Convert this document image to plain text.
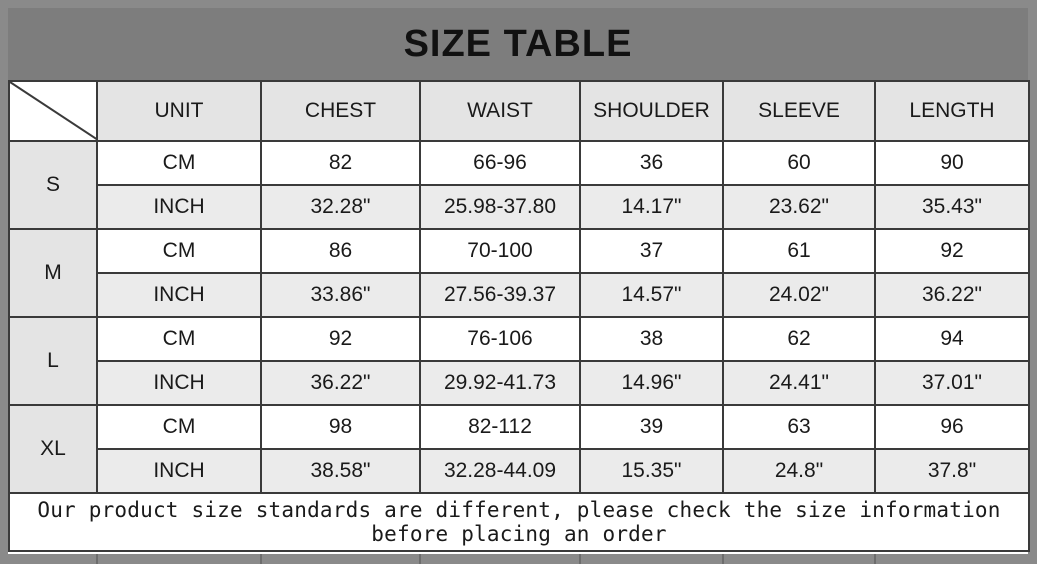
SIZE TABLE
	UNIT	CHEST	WAIST	SHOULDER	SLEEVE	LENGTH
S	CM	82	66-96	36	60	90
	INCH	32.28"	25.98-37.80	14.17"	23.62"	35.43"
M	CM	86	70-100	37	61	92
	INCH	33.86"	27.56-39.37	14.57"	24.02"	36.22"
L	CM	92	76-106	38	62	94
	INCH	36.22"	29.92-41.73	14.96"	24.41"	37.01"
XL	CM	98	82-112	39	63	96
	INCH	38.58"	32.28-44.09	15.35"	24.8"	37.8"
Our product size standards are different, please check the size information before placing an order						
